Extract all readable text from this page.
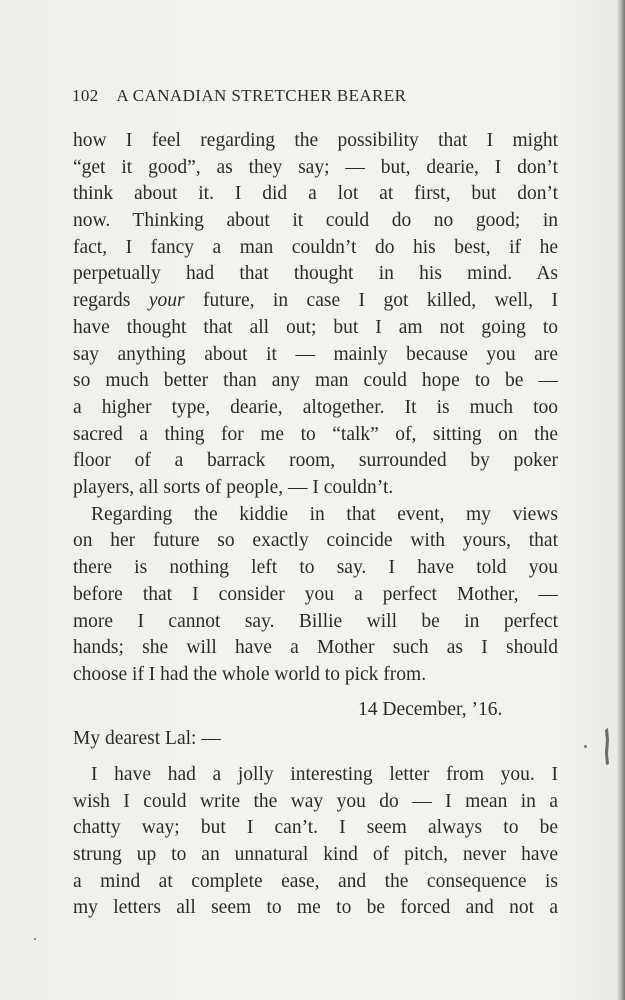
102 A CANADIAN STRETCHER BEARER
how I feel regarding the possibility that I might
“get it good”, as they say; — but, dearie, I don’t
think about it. I did a lot at first, but don’t
now. Thinking about it could do no good; in
fact, I fancy a man couldn’t do his best, if he
perpetually had that thought in his mind. As
regards your future, in case I got killed, well, I
have thought that all out; but I am not going to
say anything about it — mainly because you are
so much better than any man could hope to be —
a higher type, dearie, altogether. It is much too
sacred a thing for me to “talk” of, sitting on the
floor of a barrack room, surrounded by poker
players, all sorts of people, — I couldn’t.
Regarding the kiddie in that event, my views
on her future so exactly coincide with yours, that
there is nothing left to say. I have told you
before that I consider you a perfect Mother, —
more I cannot say. Billie will be in perfect
hands; she will have a Mother such as I should
choose if I had the whole world to pick from.
14 December, ’16.
My dearest Lal: —
I have had a jolly interesting letter from you. I
wish I could write the way you do — I mean in a
chatty way; but I can’t. I seem always to be
strung up to an unnatural kind of pitch, never have
a mind at complete ease, and the consequence is
my letters all seem to me to be forced and not a
